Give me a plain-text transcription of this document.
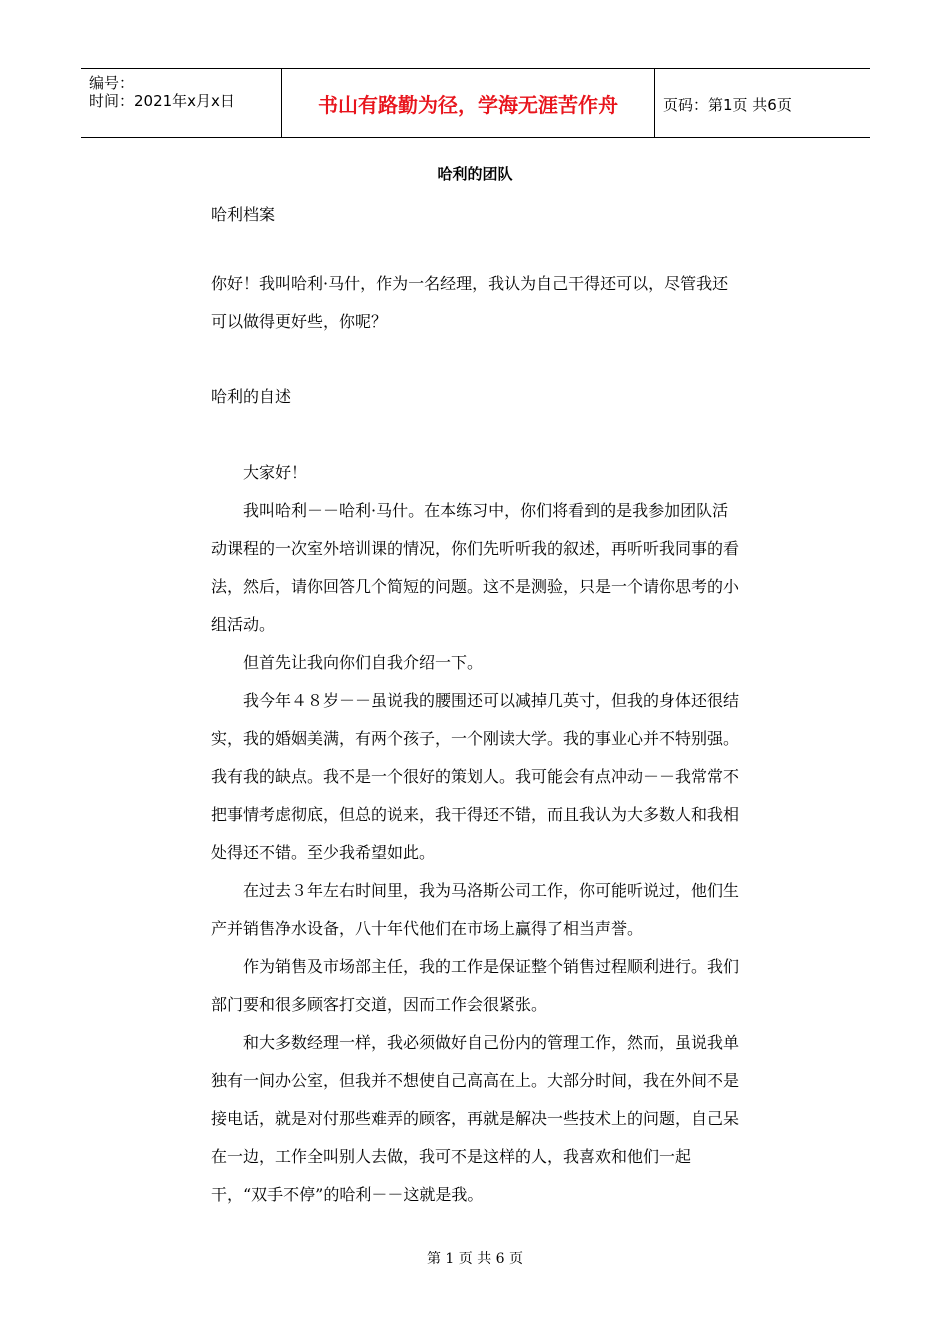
编号：
时间：2021年x月x日	书山有路勤为径，学海无涯苦作舟	页码：第1页 共6页
哈利的团队

哈利档案

你好！我叫哈利·马什，作为一名经理，我认为自己干得还可以，尽管我还可以做得更好些，你呢？

哈利的自述

大家好！

我叫哈利－－哈利·马什。在本练习中，你们将看到的是我参加团队活动课程的一次室外培训课的情况，你们先听听我的叙述，再听听我同事的看法，然后，请你回答几个简短的问题。这不是测验，只是一个请你思考的小组活动。

但首先让我向你们自我介绍一下。

我今年４８岁－－虽说我的腰围还可以减掉几英寸，但我的身体还很结实，我的婚姻美满，有两个孩子，一个刚读大学。我的事业心并不特别强。我有我的缺点。我不是一个很好的策划人。我可能会有点冲动－－我常常不把事情考虑彻底，但总的说来，我干得还不错，而且我认为大多数人和我相处得还不错。至少我希望如此。

在过去３年左右时间里，我为马洛斯公司工作，你可能听说过，他们生产并销售净水设备，八十年代他们在市场上赢得了相当声誉。

作为销售及市场部主任，我的工作是保证整个销售过程顺利进行。我们部门要和很多顾客打交道，因而工作会很紧张。

和大多数经理一样，我必须做好自己份内的管理工作，然而，虽说我单独有一间办公室，但我并不想使自己高高在上。大部分时间，我在外间不是接电话，就是对付那些难弄的顾客，再就是解决一些技术上的问题，自己呆在一边，工作全叫别人去做，我可不是这样的人，我喜欢和他们一起干，“双手不停”的哈利－－这就是我。

第 1 页 共 6 页
